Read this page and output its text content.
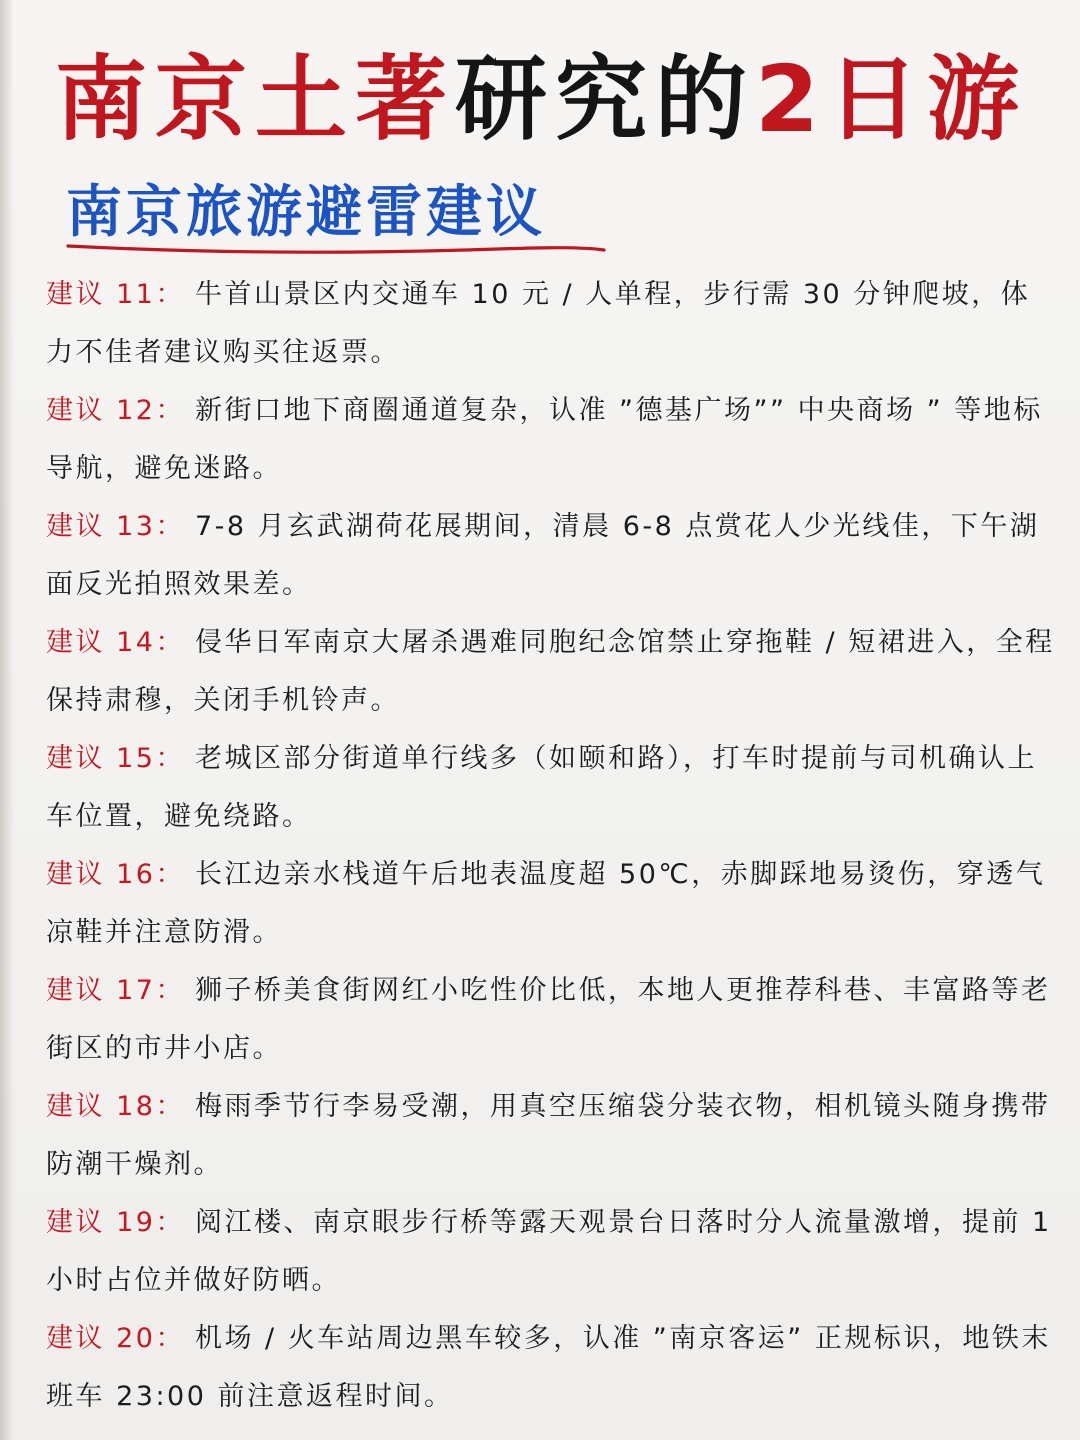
南京土著研究的2日游
南京旅游避雷建议
建议 11： 牛首山景区内交通车 10 元 / 人单程，步行需 30 分钟爬坡，体力不佳者建议购买往返票。
建议 12： 新街口地下商圈通道复杂，认准 ”德基广场”” 中央商场 ” 等地标导航，避免迷路。
建议 13： 7-8 月玄武湖荷花展期间，清晨 6-8 点赏花人少光线佳，下午湖面反光拍照效果差。
建议 14： 侵华日军南京大屠杀遇难同胞纪念馆禁止穿拖鞋 / 短裙进入，全程保持肃穆，关闭手机铃声。
建议 15： 老城区部分街道单行线多（如颐和路），打车时提前与司机确认上车位置，避免绕路。
建议 16： 长江边亲水栈道午后地表温度超 50℃，赤脚踩地易烫伤，穿透气凉鞋并注意防滑。
建议 17： 狮子桥美食街网红小吃性价比低，本地人更推荐科巷、丰富路等老街区的市井小店。
建议 18： 梅雨季节行李易受潮，用真空压缩袋分装衣物，相机镜头随身携带防潮干燥剂。
建议 19： 阅江楼、南京眼步行桥等露天观景台日落时分人流量激增，提前 1 小时占位并做好防晒。
建议 20： 机场 / 火车站周边黑车较多，认准 ”南京客运” 正规标识，地铁末班车 23:00 前注意返程时间。
